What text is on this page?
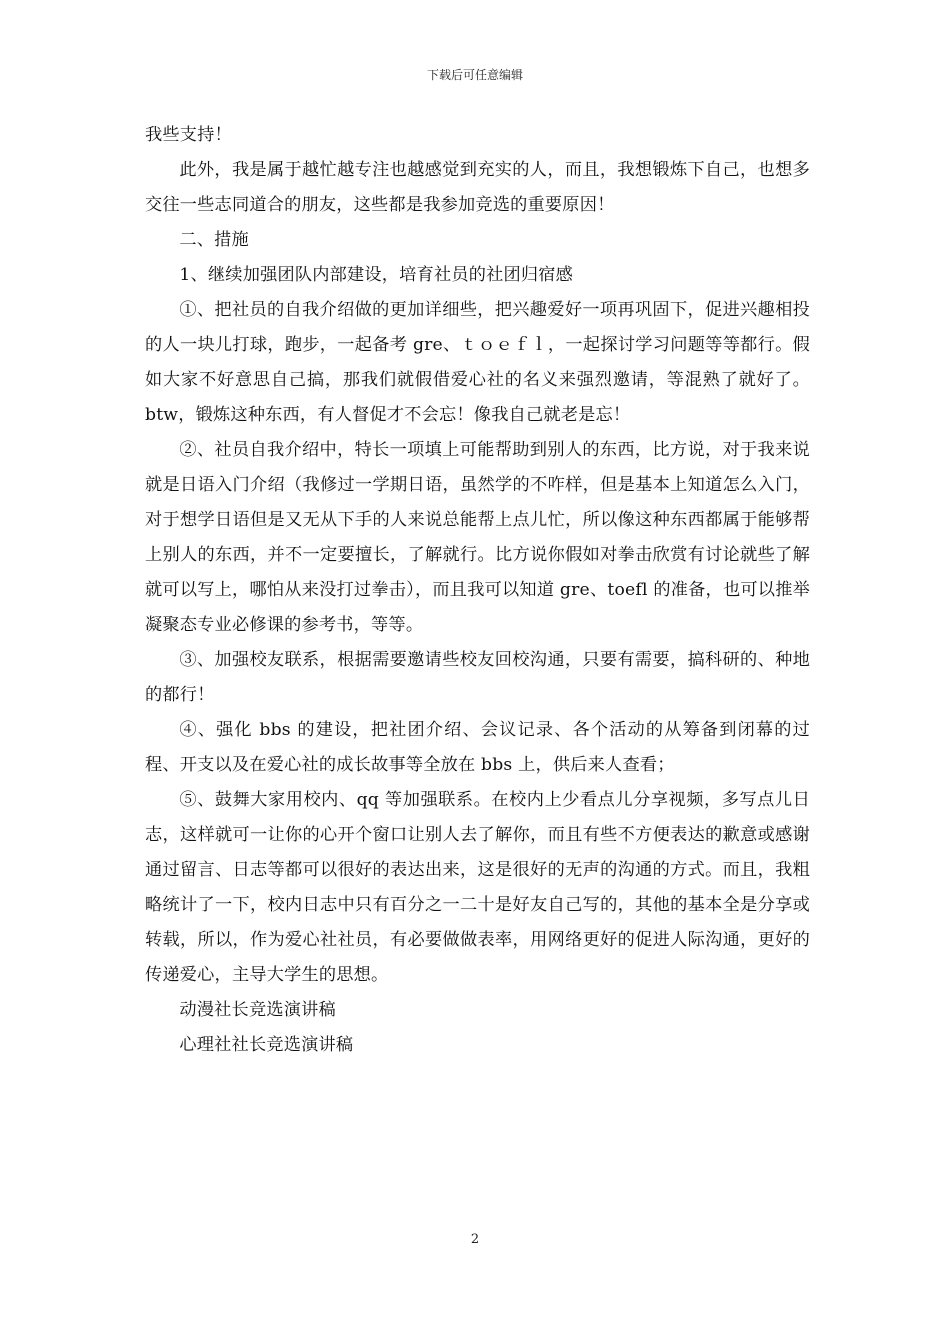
下载后可任意编辑

我些支持！

此外，我是属于越忙越专注也越感觉到充实的人，而且，我想锻炼下自己，也想多交往一些志同道合的朋友，这些都是我参加竞选的重要原因！

二、措施

1、继续加强团队内部建设，培育社员的社团归宿感

①、把社员的自我介绍做的更加详细些，把兴趣爱好一项再巩固下，促进兴趣相投的人一块儿打球，跑步，一起备考 gre、ｔｏｅｆｌ，一起探讨学习问题等等都行。假如大家不好意思自己搞，那我们就假借爱心社的名义来强烈邀请，等混熟了就好了。btw，锻炼这种东西，有人督促才不会忘！像我自己就老是忘！

②、社员自我介绍中，特长一项填上可能帮助到别人的东西，比方说，对于我来说就是日语入门介绍（我修过一学期日语，虽然学的不咋样，但是基本上知道怎么入门，对于想学日语但是又无从下手的人来说总能帮上点儿忙，所以像这种东西都属于能够帮上别人的东西，并不一定要擅长，了解就行。比方说你假如对拳击欣赏有讨论就些了解就可以写上，哪怕从来没打过拳击），而且我可以知道 gre、toefl 的准备，也可以推举凝聚态专业必修课的参考书，等等。

③、加强校友联系，根据需要邀请些校友回校沟通，只要有需要，搞科研的、种地的都行！

④、强化 bbs 的建设，把社团介绍、会议记录、各个活动的从筹备到闭幕的过程、开支以及在爱心社的成长故事等全放在 bbs 上，供后来人查看；

⑤、鼓舞大家用校内、qq 等加强联系。在校内上少看点儿分享视频，多写点儿日志，这样就可一让你的心开个窗口让别人去了解你，而且有些不方便表达的歉意或感谢通过留言、日志等都可以很好的表达出来，这是很好的无声的沟通的方式。而且，我粗略统计了一下，校内日志中只有百分之一二十是好友自己写的，其他的基本全是分享或转载，所以，作为爱心社社员，有必要做做表率，用网络更好的促进人际沟通，更好的传递爱心，主导大学生的思想。

动漫社长竞选演讲稿

心理社社长竞选演讲稿

2
